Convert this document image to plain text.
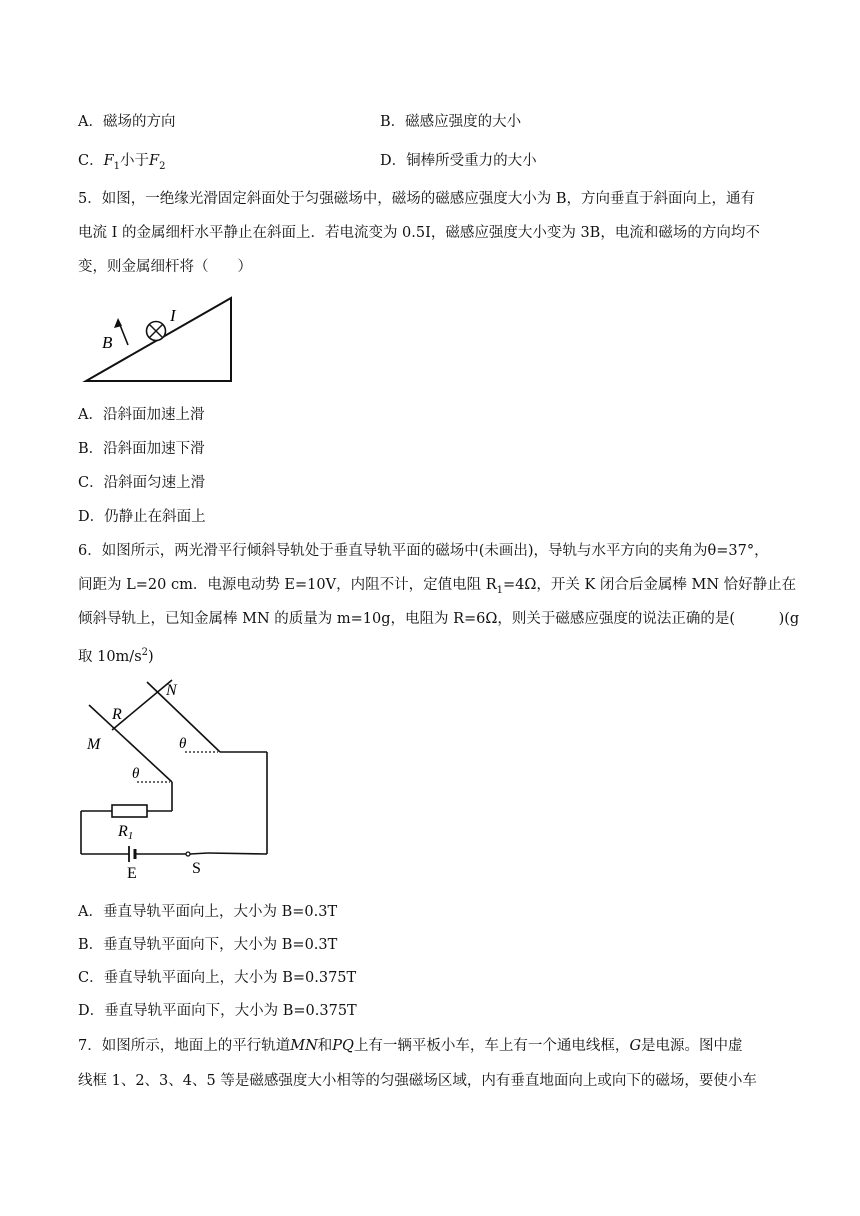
A．磁场的方向	B．磁感应强度的大小
C．$F_1$小于$F_2$	D．铜棒所受重力的大小
5．如图，一绝缘光滑固定斜面处于匀强磁场中，磁场的磁感应强度大小为 B，方向垂直于斜面向上，通有
电流 I 的金属细杆水平静止在斜面上．若电流变为 0.5I，磁感应强度大小变为 3B，电流和磁场的方向均不
变，则金属细杆将（　　）
B
I
A．沿斜面加速上滑
B．沿斜面加速下滑
C．沿斜面匀速上滑
D．仍静止在斜面上
6．如图所示，两光滑平行倾斜导轨处于垂直导轨平面的磁场中(未画出)，导轨与水平方向的夹角为θ=37°，
间距为 L=20 cm．电源电动势 E=10V，内阻不计，定值电阻 $R_1=4\Omega$，开关 K 闭合后金属棒 MN 恰好静止在
倾斜导轨上，已知金属棒 MN 的质量为 m=10g，电阻为 R=6Ω，则关于磁感应强度的说法正确的是(　　　)(g
取 $10m/s^2$)
N
R
M	θ
θ
R1
E	S
A．垂直导轨平面向上，大小为 B=0.3T
B．垂直导轨平面向下，大小为 B=0.3T
C．垂直导轨平面向上，大小为 B=0.375T
D．垂直导轨平面向下，大小为 B=0.375T
7．如图所示，地面上的平行轨道MN和PQ上有一辆平板小车，车上有一个通电线框，G是电源。图中虚
线框 1、2、3、4、5 等是磁感强度大小相等的匀强磁场区域，内有垂直地面向上或向下的磁场，要使小车
